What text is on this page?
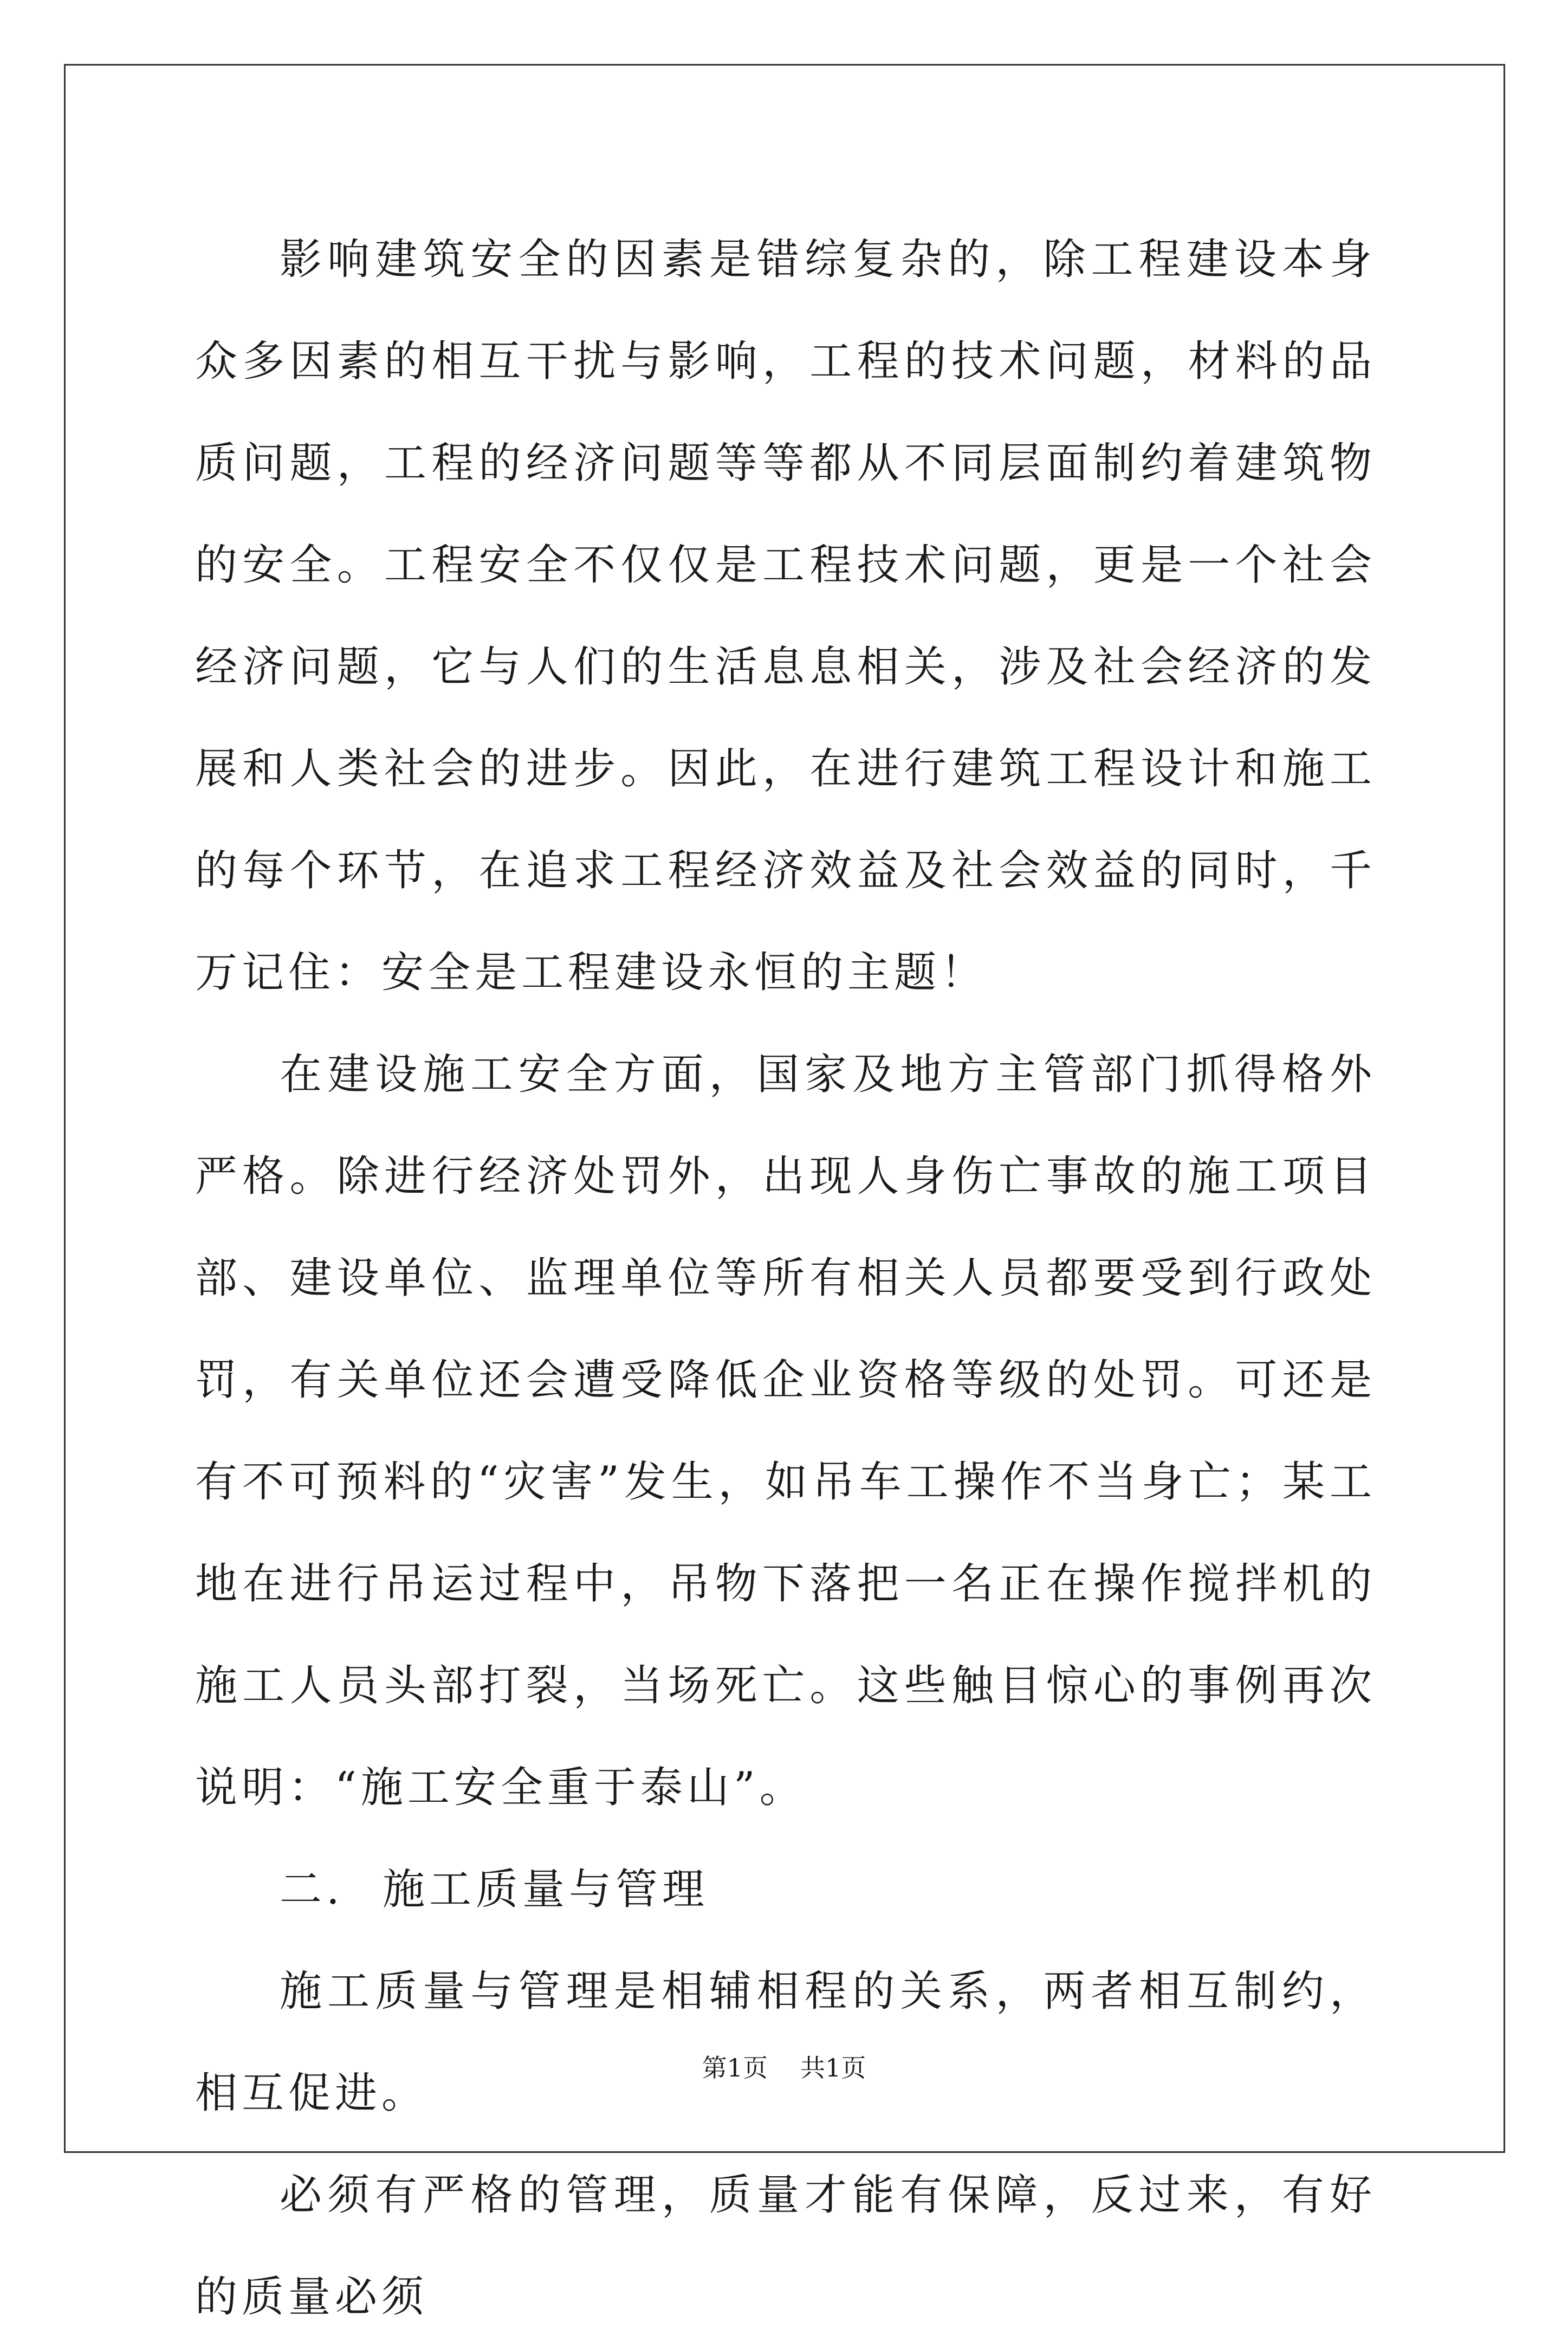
影响建筑安全的因素是错综复杂的，除工程建设本身众多因素的相互干扰与影响，工程的技术问题，材料的品质问题，工程的经济问题等等都从不同层面制约着建筑物的安全。工程安全不仅仅是工程技术问题，更是一个社会经济问题，它与人们的生活息息相关，涉及社会经济的发展和人类社会的进步。因此，在进行建筑工程设计和施工的每个环节，在追求工程经济效益及社会效益的同时，千万记住：安全是工程建设永恒的主题！

在建设施工安全方面，国家及地方主管部门抓得格外严格。除进行经济处罚外，出现人身伤亡事故的施工项目部、建设单位、监理单位等所有相关人员都要受到行政处罚，有关单位还会遭受降低企业资格等级的处罚。可还是有不可预料的“灾害”发生，如吊车工操作不当身亡；某工地在进行吊运过程中，吊物下落把一名正在操作搅拌机的施工人员头部打裂，当场死亡。这些触目惊心的事例再次说明：“施工安全重于泰山”。

二. 施工质量与管理

施工质量与管理是相辅相程的关系，两者相互制约，相互促进。

必须有严格的管理，质量才能有保障，反过来，有好的质量必须

第1页 共1页
